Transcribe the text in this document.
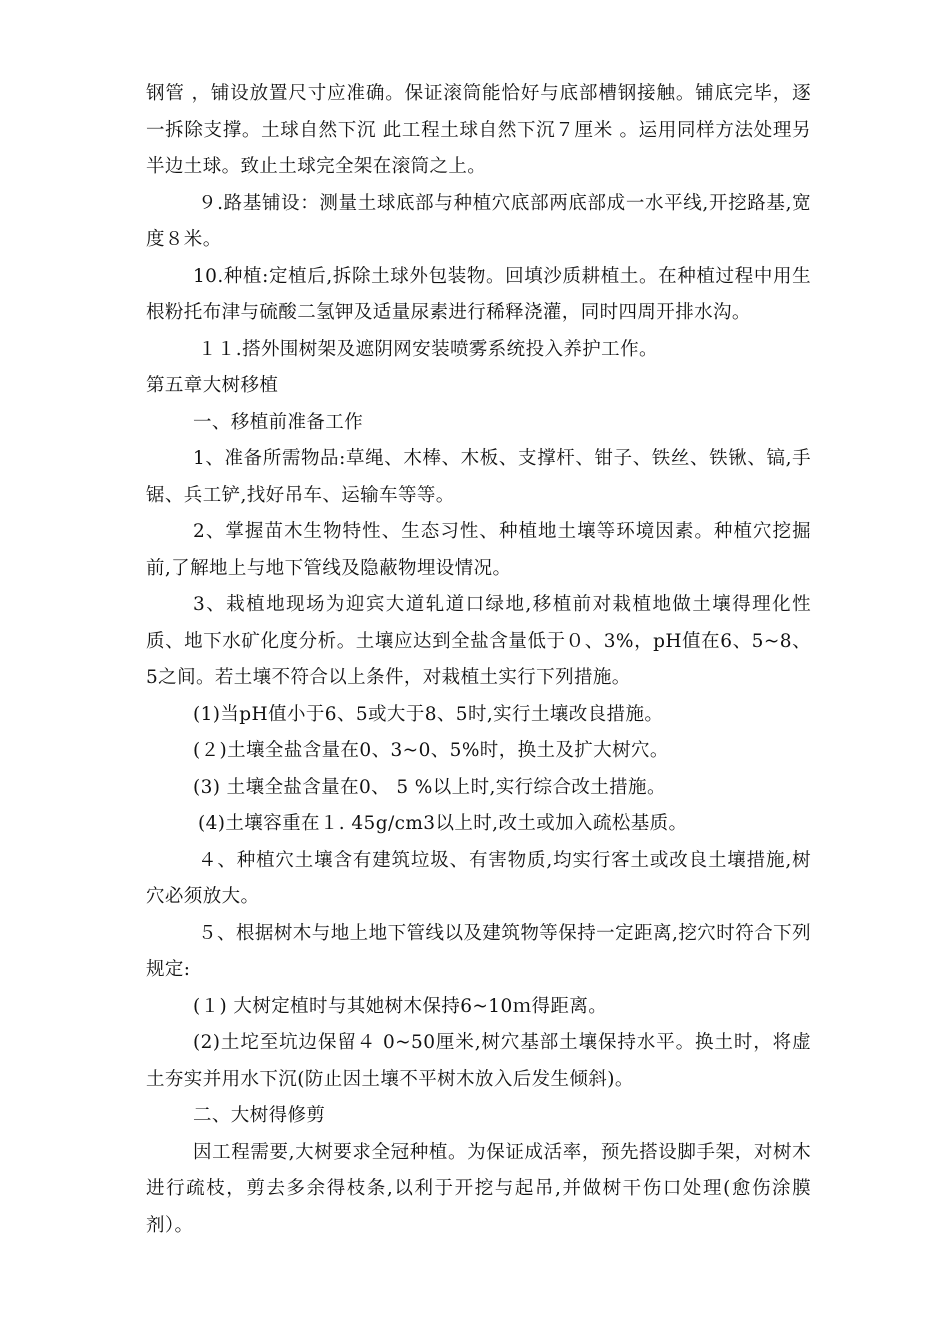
钢管 ，铺设放置尺寸应准确。保证滚筒能恰好与底部槽钢接触。铺底完毕，逐一拆除支撑。土球自然下沉 此工程土球自然下沉７厘米 。运用同样方法处理另半边土球。致止土球完全架在滚筒之上。

９.路基铺设：测量土球底部与种植穴底部两底部成一水平线,开挖路基,宽度８米。

10.种植:定植后,拆除土球外包装物。回填沙质耕植土。在种植过程中用生根粉托布津与硫酸二氢钾及适量尿素进行稀释浇灌，同时四周开排水沟。

１１.搭外围树架及遮阴网安装喷雾系统投入养护工作。

第五章大树移植

一、移植前准备工作

1、准备所需物品:草绳、木棒、木板、支撑杆、钳子、铁丝、铁锹、镐,手锯、兵工铲,找好吊车、运输车等等。

2、掌握苗木生物特性、生态习性、种植地土壤等环境因素。种植穴挖掘前,了解地上与地下管线及隐蔽物埋设情况。

3、栽植地现场为迎宾大道轧道口绿地,移植前对栽植地做土壤得理化性质、地下水矿化度分析。土壤应达到全盐含量低于０、3%，pH值在6、5~8、5之间。若土壤不符合以上条件，对栽植土实行下列措施。

(1)当pH值小于6、5或大于8、5时,实行土壤改良措施。

(２)土壤全盐含量在0、3~0、5%时，换土及扩大树穴。

(3) 土壤全盐含量在0、 5 %以上时,实行综合改土措施。

(4)土壤容重在１. 45g/cm3以上时,改土或加入疏松基质。

４、种植穴土壤含有建筑垃圾、有害物质,均实行客土或改良土壤措施,树穴必须放大。

５、根据树木与地上地下管线以及建筑物等保持一定距离,挖穴时符合下列规定:

(１) 大树定植时与其她树木保持6~10ｍ得距离。

(2)土坨至坑边保留４ 0~50厘米,树穴基部土壤保持水平。换土时，将虚土夯实并用水下沉(防止因土壤不平树木放入后发生倾斜)。

二、大树得修剪

因工程需要,大树要求全冠种植。为保证成活率，预先搭设脚手架，对树木进行疏枝，剪去多余得枝条,以利于开挖与起吊,并做树干伤口处理(愈伤涂膜剂）。
